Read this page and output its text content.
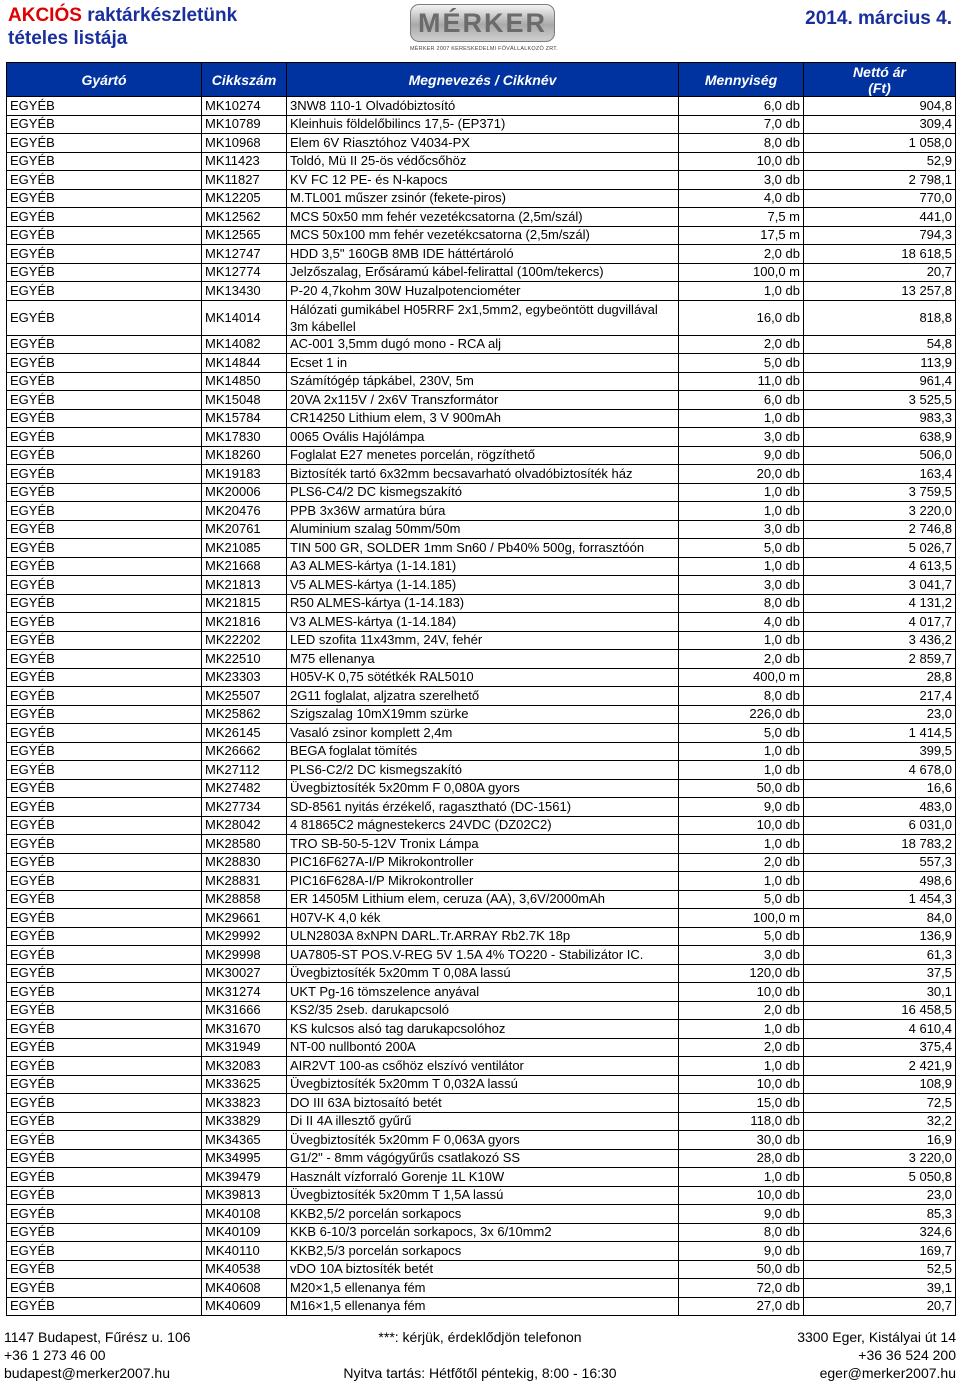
AKCIÓS raktárkészletünk
tételes listája
MÉRKER
MÉRKER 2007 KERESKEDELMI FŐVÁLLALKOZÓ ZRT.
2014. március 4.
Gyártó	Cikkszám	Megnevezés / Cikknév	Mennyiség	Nettó ár
(Ft)
EGYÉB	MK10274	3NW8 110-1 Olvadóbiztosító	6,0 db	904,8
EGYÉB	MK10789	Kleinhuis földelőbilincs 17,5- (EP371)	7,0 db	309,4
EGYÉB	MK10968	Elem 6V Riasztóhoz V4034-PX	8,0 db	1 058,0
EGYÉB	MK11423	Toldó, Mü II 25-ös védőcsőhöz	10,0 db	52,9
EGYÉB	MK11827	KV FC 12 PE- és N-kapocs	3,0 db	2 798,1
EGYÉB	MK12205	M.TL001 műszer zsinór (fekete-piros)	4,0 db	770,0
EGYÉB	MK12562	MCS 50x50 mm fehér vezetékcsatorna (2,5m/szál)	7,5 m	441,0
EGYÉB	MK12565	MCS 50x100 mm fehér vezetékcsatorna (2,5m/szál)	17,5 m	794,3
EGYÉB	MK12747	HDD 3,5" 160GB 8MB IDE háttértároló	2,0 db	18 618,5
EGYÉB	MK12774	Jelzőszalag, Erősáramú kábel-felirattal (100m/tekercs)	100,0 m	20,7
EGYÉB	MK13430	P-20 4,7kohm 30W Huzalpotenciométer	1,0 db	13 257,8
EGYÉB	MK14014	Hálózati gumikábel H05RRF 2x1,5mm2, egybeöntött dugvillával 3m kábellel	16,0 db	818,8
EGYÉB	MK14082	AC-001 3,5mm dugó mono - RCA alj	2,0 db	54,8
EGYÉB	MK14844	Ecset 1 in	5,0 db	113,9
EGYÉB	MK14850	Számítógép tápkábel, 230V, 5m	11,0 db	961,4
EGYÉB	MK15048	20VA 2x115V / 2x6V Transzformátor	6,0 db	3 525,5
EGYÉB	MK15784	CR14250 Lithium elem, 3 V 900mAh	1,0 db	983,3
EGYÉB	MK17830	0065 Ovális Hajólámpa	3,0 db	638,9
EGYÉB	MK18260	Foglalat E27 menetes porcelán, rögzíthető	9,0 db	506,0
EGYÉB	MK19183	Biztosíték tartó 6x32mm becsavarható olvadóbiztosíték ház	20,0 db	163,4
EGYÉB	MK20006	PLS6-C4/2 DC kismegszakító	1,0 db	3 759,5
EGYÉB	MK20476	PPB 3x36W armatúra búra	1,0 db	3 220,0
EGYÉB	MK20761	Aluminium szalag 50mm/50m	3,0 db	2 746,8
EGYÉB	MK21085	TIN 500 GR, SOLDER 1mm Sn60 / Pb40% 500g, forrasztóón	5,0 db	5 026,7
EGYÉB	MK21668	A3 ALMES-kártya (1-14.181)	1,0 db	4 613,5
EGYÉB	MK21813	V5 ALMES-kártya (1-14.185)	3,0 db	3 041,7
EGYÉB	MK21815	R50 ALMES-kártya (1-14.183)	8,0 db	4 131,2
EGYÉB	MK21816	V3 ALMES-kártya (1-14.184)	4,0 db	4 017,7
EGYÉB	MK22202	LED szofita 11x43mm, 24V, fehér	1,0 db	3 436,2
EGYÉB	MK22510	M75 ellenanya	2,0 db	2 859,7
EGYÉB	MK23303	H05V-K 0,75 sötétkék RAL5010	400,0 m	28,8
EGYÉB	MK25507	2G11 foglalat, aljzatra szerelhető	8,0 db	217,4
EGYÉB	MK25862	Szigszalag 10mX19mm szürke	226,0 db	23,0
EGYÉB	MK26145	Vasaló zsinor komplett 2,4m	5,0 db	1 414,5
EGYÉB	MK26662	BEGA foglalat tömítés	1,0 db	399,5
EGYÉB	MK27112	PLS6-C2/2 DC kismegszakító	1,0 db	4 678,0
EGYÉB	MK27482	Üvegbiztosíték 5x20mm F 0,080A gyors	50,0 db	16,6
EGYÉB	MK27734	SD-8561 nyitás érzékelő, ragasztható (DC-1561)	9,0 db	483,0
EGYÉB	MK28042	4 81865C2 mágnestekercs 24VDC (DZ02C2)	10,0 db	6 031,0
EGYÉB	MK28580	TRO SB-50-5-12V Tronix Lámpa	1,0 db	18 783,2
EGYÉB	MK28830	PIC16F627A-I/P Mikrokontroller	2,0 db	557,3
EGYÉB	MK28831	PIC16F628A-I/P Mikrokontroller	1,0 db	498,6
EGYÉB	MK28858	ER 14505M Lithium elem, ceruza (AA), 3,6V/2000mAh	5,0 db	1 454,3
EGYÉB	MK29661	H07V-K 4,0 kék	100,0 m	84,0
EGYÉB	MK29992	ULN2803A 8xNPN DARL.Tr.ARRAY Rb2.7K 18p	5,0 db	136,9
EGYÉB	MK29998	UA7805-ST POS.V-REG 5V 1.5A 4% TO220 - Stabilizátor IC.	3,0 db	61,3
EGYÉB	MK30027	Üvegbiztosíték 5x20mm T 0,08A lassú	120,0 db	37,5
EGYÉB	MK31274	UKT Pg-16 tömszelence anyával	10,0 db	30,1
EGYÉB	MK31666	KS2/35 2seb. darukapcsoló	2,0 db	16 458,5
EGYÉB	MK31670	KS kulcsos alsó tag darukapcsolóhoz	1,0 db	4 610,4
EGYÉB	MK31949	NT-00 nullbontó 200A	2,0 db	375,4
EGYÉB	MK32083	AIR2VT 100-as csőhöz elszívó ventilátor	1,0 db	2 421,9
EGYÉB	MK33625	Üvegbiztosíték 5x20mm T 0,032A lassú	10,0 db	108,9
EGYÉB	MK33823	DO III 63A biztosaító betét	15,0 db	72,5
EGYÉB	MK33829	Di II 4A illesztő gyűrű	118,0 db	32,2
EGYÉB	MK34365	Üvegbiztosíték 5x20mm F 0,063A gyors	30,0 db	16,9
EGYÉB	MK34995	G1/2" - 8mm vágógyűrűs csatlakozó SS	28,0 db	3 220,0
EGYÉB	MK39479	Használt vízforraló Gorenje 1L K10W	1,0 db	5 050,8
EGYÉB	MK39813	Üvegbiztosíték 5x20mm T 1,5A lassú	10,0 db	23,0
EGYÉB	MK40108	KKB2,5/2 porcelán sorkapocs	9,0 db	85,3
EGYÉB	MK40109	KKB 6-10/3 porcelán sorkapocs, 3x 6/10mm2	8,0 db	324,6
EGYÉB	MK40110	KKB2,5/3 porcelán sorkapocs	9,0 db	169,7
EGYÉB	MK40538	vDO 10A biztosíték betét	50,0 db	52,5
EGYÉB	MK40608	M20×1,5 ellenanya fém	72,0 db	39,1
EGYÉB	MK40609	M16×1,5 ellenanya fém	27,0 db	20,7
1147 Budapest, Fűrész u. 106
+36 1 273 46 00
budapest@merker2007.hu
***: kérjük, érdeklődjön telefonon

Nyitva tartás: Hétfőtől péntekig, 8:00 - 16:30
3300 Eger, Kistályai út 14
+36 36 524 200
eger@merker2007.hu
